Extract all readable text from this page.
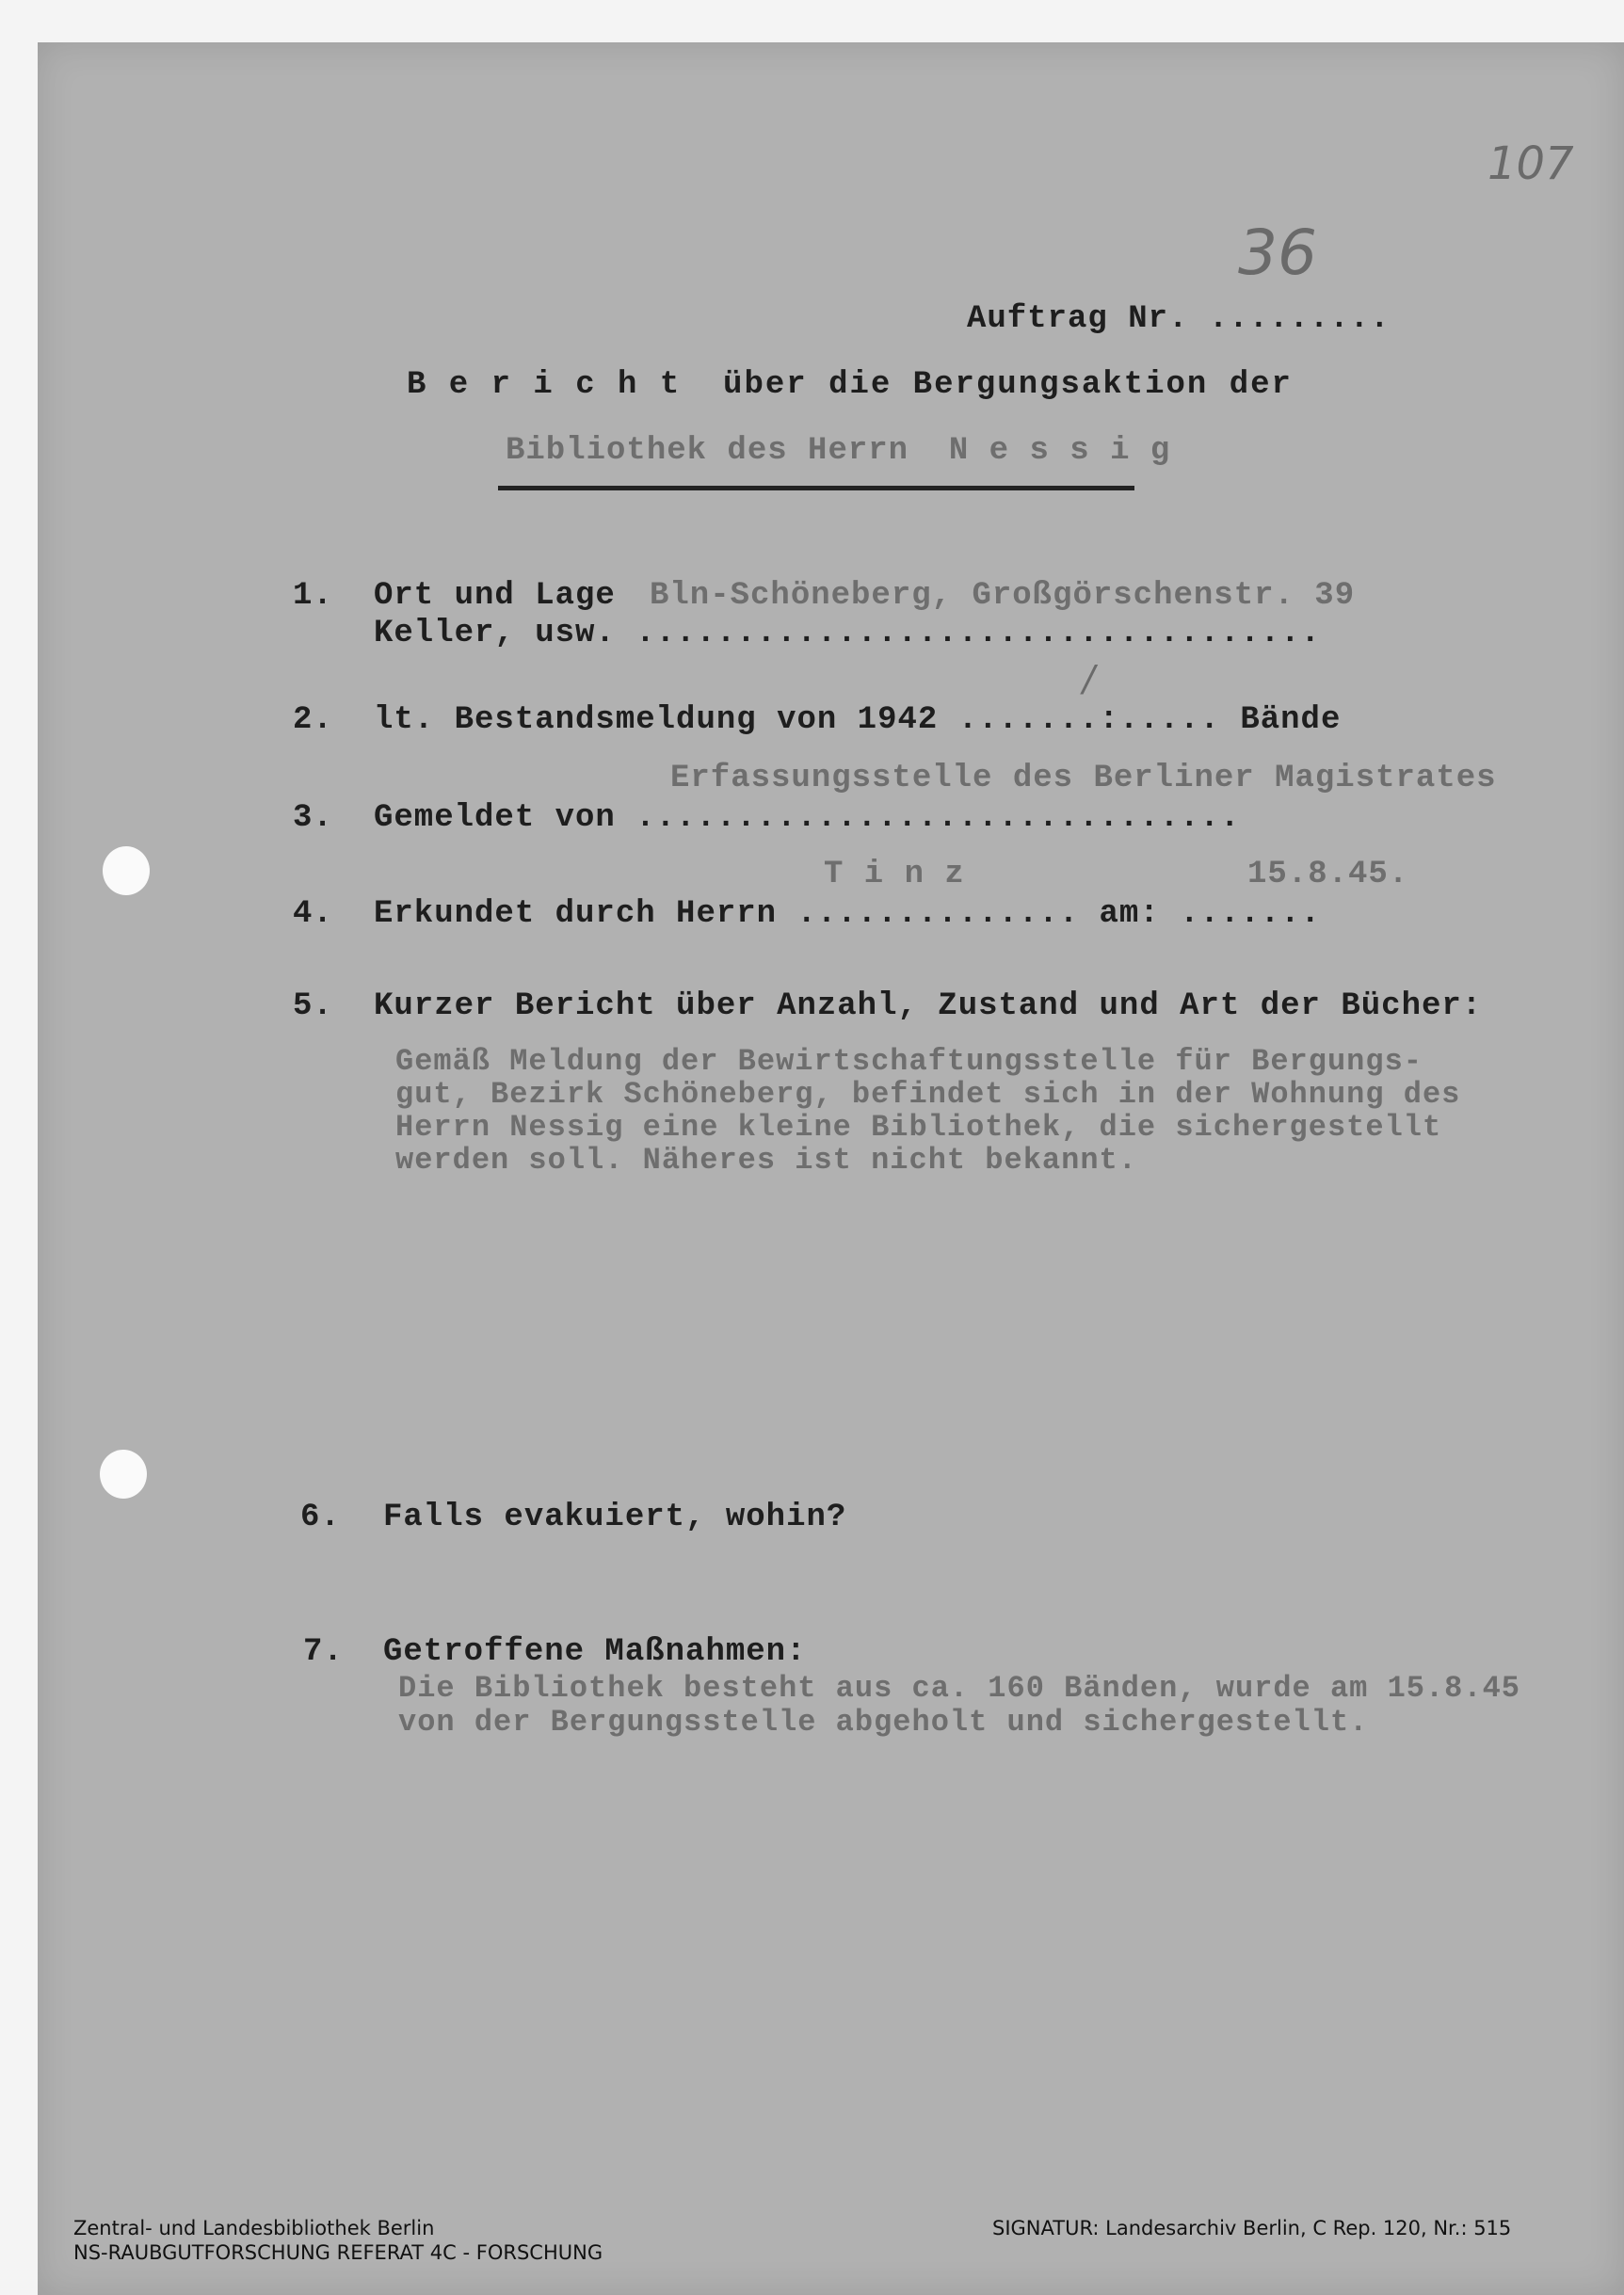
107
36
Auftrag Nr. .........
B e r i c h t  über die Bergungsaktion der
Bibliothek des Herrn  N e s s i g
1. Ort und Lage Bln-Schöneberg, Großgörschenstr. 39
Keller, usw. ..................................
/
2. lt. Bestandsmeldung von 1942 .......:..... Bände
Erfassungsstelle des Berliner Magistrates
3. Gemeldet von ..............................
T i n z	15.8.45.
4. Erkundet durch Herrn .............. am: .......
5. Kurzer Bericht über Anzahl, Zustand und Art der Bücher:
Gemäß Meldung der Bewirtschaftungsstelle für Bergungs-
gut, Bezirk Schöneberg, befindet sich in der Wohnung des
Herrn Nessig eine kleine Bibliothek, die sichergestellt
werden soll. Näheres ist nicht bekannt.
6. Falls evakuiert, wohin?
7. Getroffene Maßnahmen:
Die Bibliothek besteht aus ca. 160 Bänden, wurde am 15.8.45
von der Bergungsstelle abgeholt und sichergestellt.
Zentral- und Landesbibliothek Berlin
NS-RAUBGUTFORSCHUNG REFERAT 4C - FORSCHUNG
SIGNATUR: Landesarchiv Berlin, C Rep. 120, Nr.: 515
